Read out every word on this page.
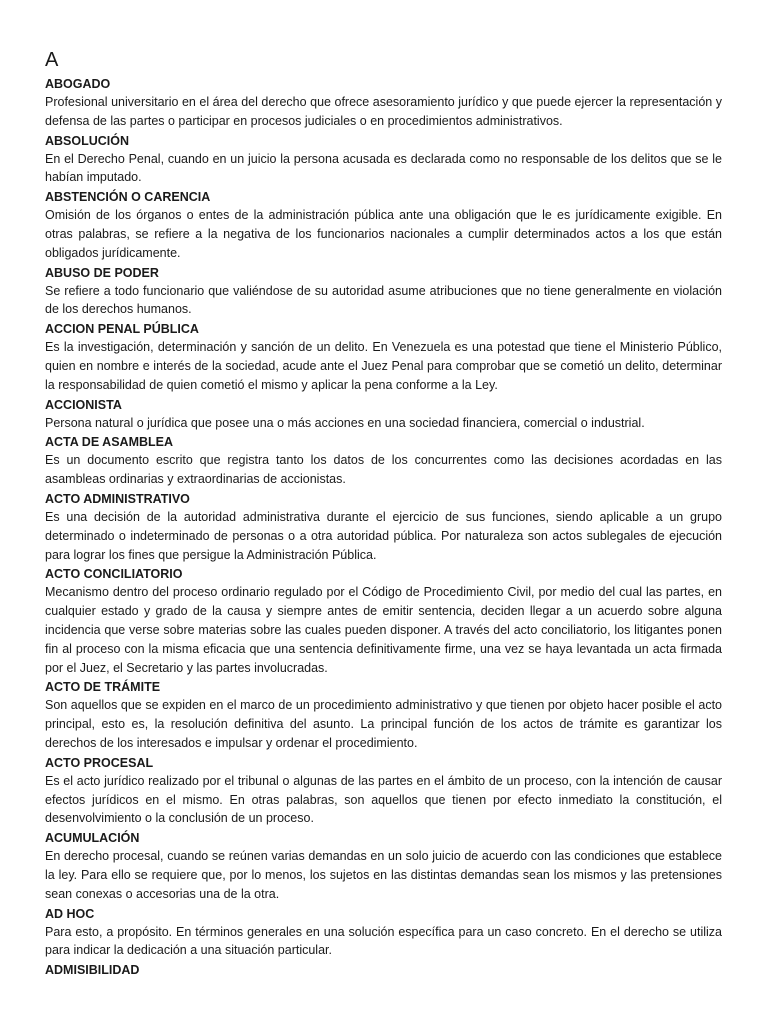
A

ABOGADO

Profesional universitario en el área del derecho que ofrece asesoramiento jurídico y que puede ejercer la representación y defensa de las partes o participar en procesos judiciales o en procedimientos administrativos.

ABSOLUCIÓN

En el Derecho Penal, cuando en un juicio la persona acusada es declarada como no responsable de los delitos que se le habían imputado.

ABSTENCIÓN O CARENCIA

Omisión de los órganos o entes de la administración pública ante una obligación que le es jurídicamente exigible. En otras palabras, se refiere a la negativa de los funcionarios nacionales a cumplir determinados actos a los que están obligados jurídicamente.

ABUSO DE PODER

Se refiere a todo funcionario que valiéndose de su autoridad asume atribuciones que no tiene generalmente en violación de los derechos humanos.

ACCION PENAL PÚBLICA

Es la investigación, determinación y sanción de un delito. En Venezuela es una potestad que tiene el Ministerio Público, quien en nombre e interés de la sociedad, acude ante el Juez Penal para comprobar que se cometió un delito, determinar la responsabilidad de quien cometió el mismo y aplicar la pena conforme a la Ley.

ACCIONISTA

Persona natural o jurídica que posee una o más acciones en una sociedad financiera, comercial o industrial.

ACTA DE ASAMBLEA

Es un documento escrito que registra tanto los datos de los concurrentes como las decisiones acordadas en las asambleas ordinarias y extraordinarias de accionistas.

ACTO ADMINISTRATIVO

Es una decisión de la autoridad administrativa durante el ejercicio de sus funciones, siendo aplicable a un grupo determinado o indeterminado de personas o a otra autoridad pública. Por naturaleza son actos sublegales de ejecución para lograr los fines que persigue la Administración Pública.

ACTO CONCILIATORIO

Mecanismo dentro del proceso ordinario regulado por el Código de Procedimiento Civil, por medio del cual las partes, en cualquier estado y grado de la causa y siempre antes de emitir sentencia, deciden llegar a un acuerdo sobre alguna incidencia que verse sobre materias sobre las cuales pueden disponer. A través del acto conciliatorio, los litigantes ponen fin al proceso con la misma eficacia que una sentencia definitivamente firme, una vez se haya levantada un acta firmada por el Juez, el Secretario y las partes involucradas.

ACTO DE TRÁMITE

Son aquellos que se expiden en el marco de un procedimiento administrativo y que tienen por objeto hacer posible el acto principal, esto es, la resolución definitiva del asunto. La principal función de los actos de trámite es garantizar los derechos de los interesados e impulsar y ordenar el procedimiento.

ACTO PROCESAL

Es el acto jurídico realizado por el tribunal o algunas de las partes en el ámbito de un proceso, con la intención de causar efectos jurídicos en el mismo. En otras palabras, son aquellos que tienen por efecto inmediato la constitución, el desenvolvimiento o la conclusión de un proceso.

ACUMULACIÓN

En derecho procesal, cuando se reúnen varias demandas en un solo juicio de acuerdo con las condiciones que establece la ley. Para ello se requiere que, por lo menos, los sujetos en las distintas demandas sean los mismos y las pretensiones sean conexas o accesorias una de la otra.

AD HOC

Para esto, a propósito. En términos generales en una solución específica para un caso concreto. En el derecho se utiliza para indicar la dedicación a una situación particular.

ADMISIBILIDAD
